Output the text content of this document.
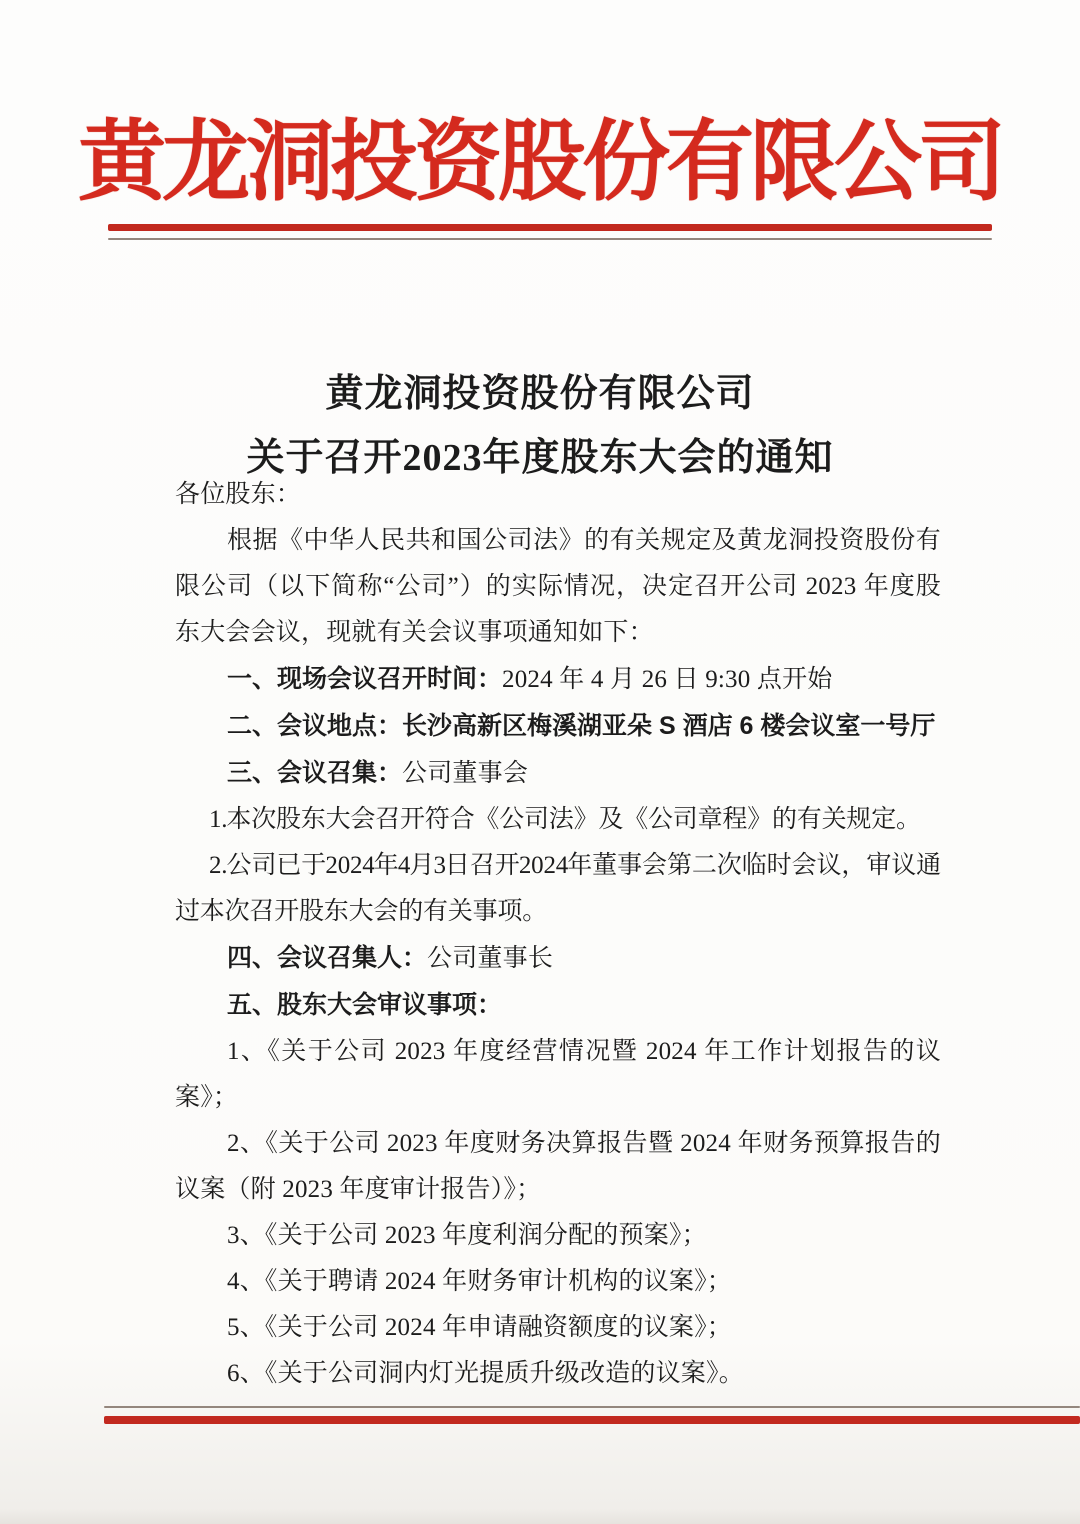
黄龙洞投资股份有限公司
黄龙洞投资股份有限公司
关于召开2023年度股东大会的通知

各位股东：

根据《中华人民共和国公司法》的有关规定及黄龙洞投资股份有限公司（以下简称“公司”）的实际情况，决定召开公司 2023 年度股东大会会议，现就有关会议事项通知如下：

一、现场会议召开时间：2024 年 4 月 26 日 9:30 点开始

二、会议地点：长沙高新区梅溪湖亚朵 S 酒店 6 楼会议室一号厅

三、会议召集：公司董事会

1. 本次股东大会召开符合《公司法》及《公司章程》的有关规定。

2. 公司已于 2024 年 4 月 3 日召开 2024 年董事会第二次临时会议，审议通过本次召开股东大会的有关事项。

四、会议召集人：公司董事长

五、股东大会审议事项：

1、《关于公司 2023 年度经营情况暨 2024 年工作计划报告的议案》；

2、《关于公司 2023 年度财务决算报告暨 2024 年财务预算报告的议案（附 2023 年度审计报告）》；

3、《关于公司 2023 年度利润分配的预案》；

4、《关于聘请 2024 年财务审计机构的议案》；

5、《关于公司 2024 年申请融资额度的议案》；

6、《关于公司洞内灯光提质升级改造的议案》。
